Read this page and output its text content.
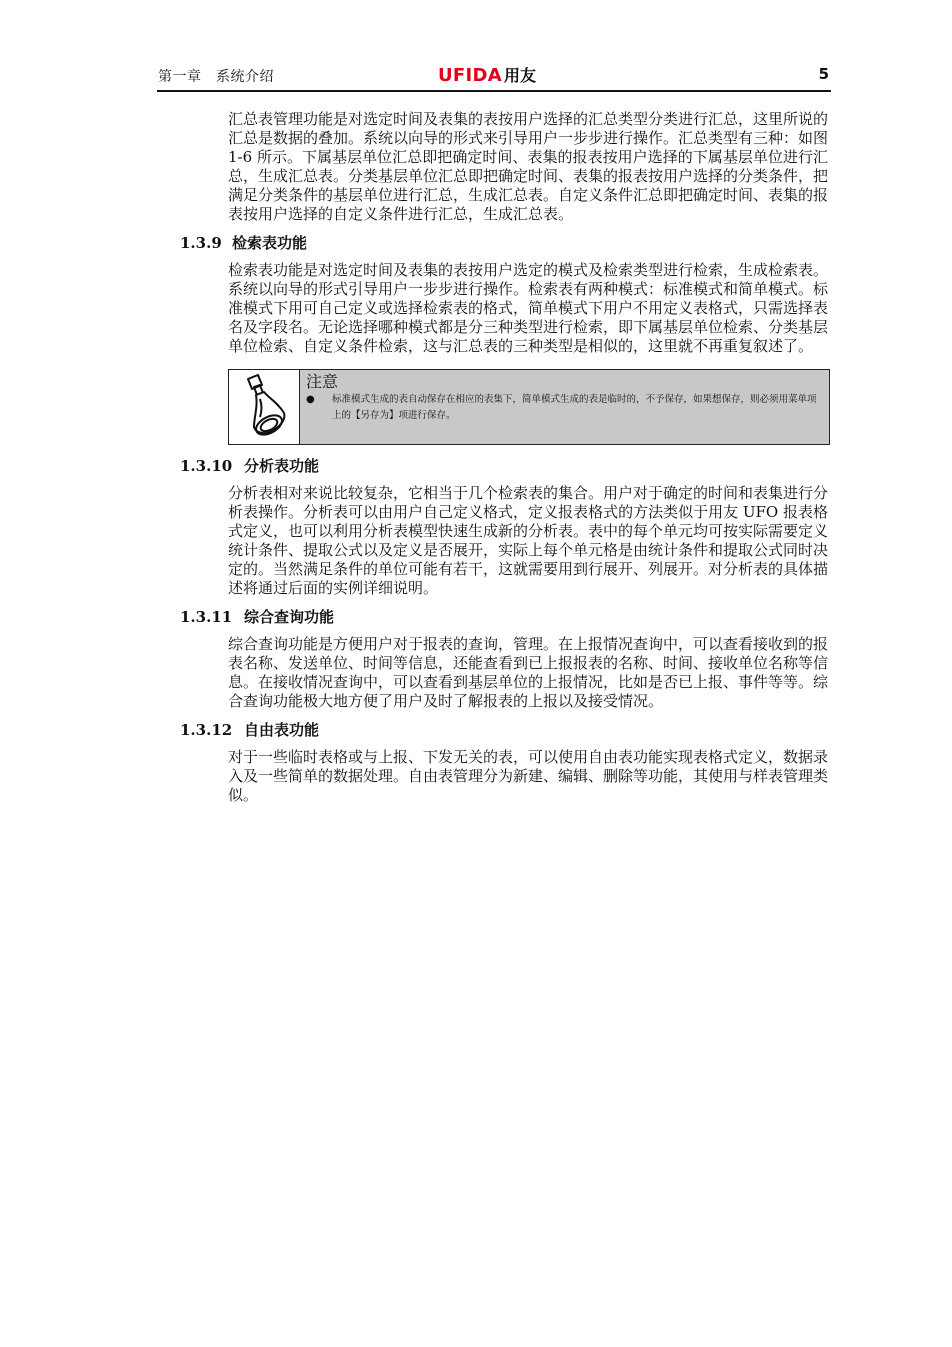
第一章　系统介绍	UFIDA 用友	5

汇总表管理功能是对选定时间及表集的表按用户选择的汇总类型分类进行汇总，这里所说的汇总是数据的叠加。系统以向导的形式来引导用户一步步进行操作。汇总类型有三种：如图 1-6 所示。下属基层单位汇总即把确定时间、表集的报表按用户选择的下属基层单位进行汇总，生成汇总表。分类基层单位汇总即把确定时间、表集的报表按用户选择的分类条件，把满足分类条件的基层单位进行汇总，生成汇总表。自定义条件汇总即把确定时间、表集的报表按用户选择的自定义条件进行汇总，生成汇总表。

1.3.9 检索表功能

检索表功能是对选定时间及表集的表按用户选定的模式及检索类型进行检索，生成检索表。系统以向导的形式引导用户一步步进行操作。检索表有两种模式：标准模式和简单模式。标准模式下用可自己定义或选择检索表的格式，简单模式下用户不用定义表格式，只需选择表名及字段名。无论选择哪种模式都是分三种类型进行检索，即下属基层单位检索、分类基层单位检索、自定义条件检索，这与汇总表的三种类型是相似的，这里就不再重复叙述了。

注意
●	标准模式生成的表自动保存在相应的表集下，简单模式生成的表是临时的，不予保存，如果想保存，则必须用菜单项上的【另存为】项进行保存。
1.3.10 分析表功能

分析表相对来说比较复杂，它相当于几个检索表的集合。用户对于确定的时间和表集进行分析表操作。分析表可以由用户自己定义格式，定义报表格式的方法类似于用友 UFO 报表格式定义，也可以利用分析表模型快速生成新的分析表。表中的每个单元均可按实际需要定义统计条件、提取公式以及定义是否展开，实际上每个单元格是由统计条件和提取公式同时决定的。当然满足条件的单位可能有若干，这就需要用到行展开、列展开。对分析表的具体描述将通过后面的实例详细说明。

1.3.11 综合查询功能

综合查询功能是方便用户对于报表的查询，管理。在上报情况查询中，可以查看接收到的报表名称、发送单位、时间等信息，还能查看到已上报报表的名称、时间、接收单位名称等信息。在接收情况查询中，可以查看到基层单位的上报情况，比如是否已上报、事件等等。综合查询功能极大地方便了用户及时了解报表的上报以及接受情况。

1.3.12 自由表功能

对于一些临时表格或与上报、下发无关的表，可以使用自由表功能实现表格式定义，数据录入及一些简单的数据处理。自由表管理分为新建、编辑、删除等功能，其使用与样表管理类似。
